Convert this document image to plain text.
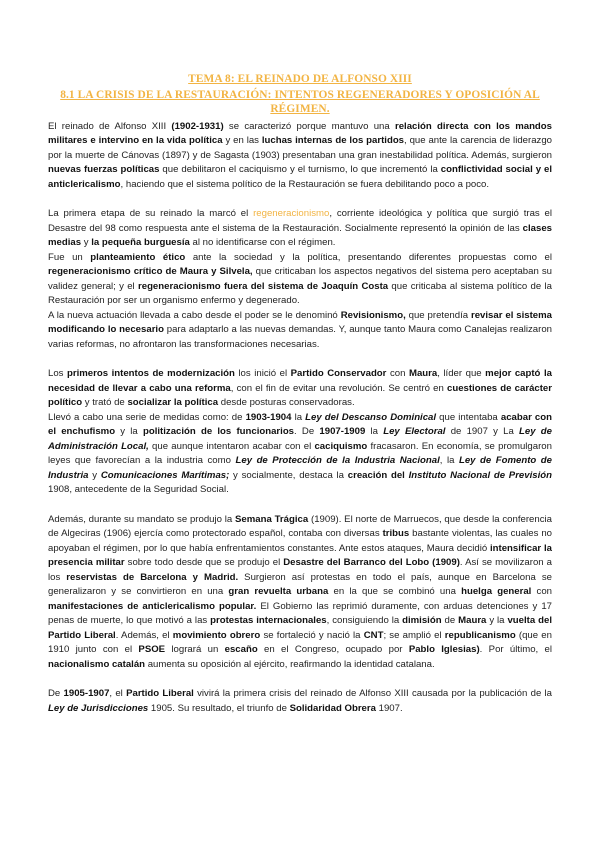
TEMA 8: EL REINADO DE ALFONSO XIII
8.1 LA CRISIS DE LA RESTAURACIÓN: INTENTOS REGENERADORES Y OPOSICIÓN AL RÉGIMEN.

El reinado de Alfonso XIII (1902-1931) se caracterizó porque mantuvo una relación directa con los mandos militares e intervino en la vida política y en las luchas internas de los partidos, que ante la carencia de liderazgo por la muerte de Cánovas (1897) y de Sagasta (1903) presentaban una gran inestabilidad política. Además, surgieron nuevas fuerzas políticas que debilitaron el caciquismo y el turnismo, lo que incrementó la conflictividad social y el anticlericalismo, haciendo que el sistema político de la Restauración se fuera debilitando poco a poco.

La primera etapa de su reinado la marcó el regeneracionismo, corriente ideológica y política que surgió tras el Desastre del 98 como respuesta ante el sistema de la Restauración. Socialmente representó la opinión de las clases medias y la pequeña burguesía al no identificarse con el régimen.

Fue un planteamiento ético ante la sociedad y la política, presentando diferentes propuestas como el regeneracionismo crítico de Maura y Silvela, que criticaban los aspectos negativos del sistema pero aceptaban su validez general; y el regeneracionismo fuera del sistema de Joaquín Costa que criticaba al sistema político de la Restauración por ser un organismo enfermo y degenerado.

A la nueva actuación llevada a cabo desde el poder se le denominó Revisionismo, que pretendía revisar el sistema modificando lo necesario para adaptarlo a las nuevas demandas. Y, aunque tanto Maura como Canalejas realizaron varias reformas, no afrontaron las transformaciones necesarias.

Los primeros intentos de modernización los inició el Partido Conservador con Maura, líder que mejor captó la necesidad de llevar a cabo una reforma, con el fin de evitar una revolución. Se centró en cuestiones de carácter político y trató de socializar la política desde posturas conservadoras.

Llevó a cabo una serie de medidas como: de 1903-1904 la Ley del Descanso Dominical que intentaba acabar con el enchufismo y la politización de los funcionarios. De 1907-1909 la Ley Electoral de 1907 y La Ley de Administración Local, que aunque intentaron acabar con el caciquismo fracasaron. En economía, se promulgaron leyes que favorecían a la industria como Ley de Protección de la Industria Nacional, la Ley de Fomento de Industria y Comunicaciones Marítimas; y socialmente, destaca la creación del Instituto Nacional de Previsión 1908, antecedente de la Seguridad Social.

Además, durante su mandato se produjo la Semana Trágica (1909). El norte de Marruecos, que desde la conferencia de Algeciras (1906) ejercía como protectorado español, contaba con diversas tribus bastante violentas, las cuales no apoyaban el régimen, por lo que había enfrentamientos constantes. Ante estos ataques, Maura decidió intensificar la presencia militar sobre todo desde que se produjo el Desastre del Barranco del Lobo (1909). Así se movilizaron a los reservistas de Barcelona y Madrid. Surgieron así protestas en todo el país, aunque en Barcelona se generalizaron y se convirtieron en una gran revuelta urbana en la que se combinó una huelga general con manifestaciones de anticlericalismo popular. El Gobierno las reprimió duramente, con arduas detenciones y 17 penas de muerte, lo que motivó a las protestas internacionales, consiguiendo la dimisión de Maura y la vuelta del Partido Liberal. Además, el movimiento obrero se fortaleció y nació la CNT; se amplió el republicanismo (que en 1910 junto con el PSOE logrará un escaño en el Congreso, ocupado por Pablo Iglesias). Por último, el nacionalismo catalán aumenta su oposición al ejército, reafirmando la identidad catalana.

De 1905-1907, el Partido Liberal vivirá la primera crisis del reinado de Alfonso XIII causada por la publicación de la Ley de Jurisdicciones 1905. Su resultado, el triunfo de Solidaridad Obrera 1907.
